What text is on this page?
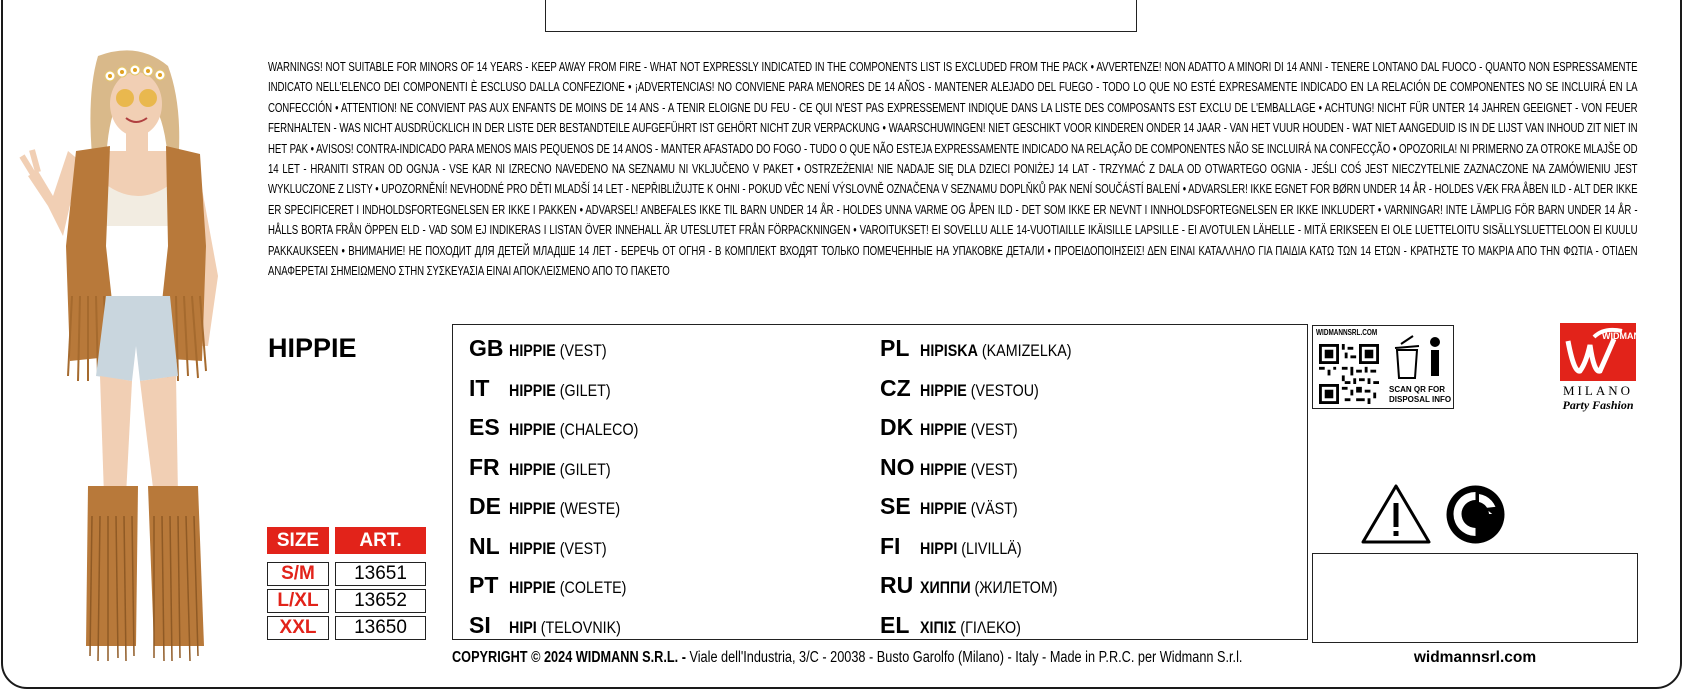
WARNINGS! NOT SUITABLE FOR MINORS OF 14 YEARS - KEEP AWAY FROM FIRE - WHAT NOT EXPRESSLY INDICATED IN THE COMPONENTS LIST IS EXCLUDED FROM THE PACK • AVVERTENZE! NON ADATTO A MINORI DI 14 ANNI - TENERE LONTANO DAL FUOCO - QUANTO NON ESPRESSAMENTE INDICATO NELL'ELENCO DEI COMPONENTI È ESCLUSO DALLA CONFEZIONE • ¡ADVERTENCIAS! NO CONVIENE PARA MENORES DE 14 AÑOS - MANTENER ALEJADO DEL FUEGO - TODO LO QUE NO ESTÉ EXPRESAMENTE INDICADO EN LA RELACIÓN DE COMPONENTES NO SE INCLUIRÁ EN LA CONFECCIÓN • ATTENTION! NE CONVIENT PAS AUX ENFANTS DE MOINS DE 14 ANS - A TENIR ELOIGNE DU FEU - CE QUI N'EST PAS EXPRESSEMENT INDIQUE DANS LA LISTE DES COMPOSANTS EST EXCLU DE L'EMBALLAGE • ACHTUNG! NICHT FÜR UNTER 14 JAHREN GEEIGNET - VON FEUER FERNHALTEN - WAS NICHT AUSDRÜCKLICH IN DER LISTE DER BESTANDTEILE AUFGEFÜHRT IST GEHÖRT NICHT ZUR VERPACKUNG • WAARSCHUWINGEN! NIET GESCHIKT VOOR KINDEREN ONDER 14 JAAR - VAN HET VUUR HOUDEN - WAT NIET AANGEDUID IS IN DE LIJST VAN INHOUD ZIT NIET IN HET PAK • AVISOS! CONTRA-INDICADO PARA MENOS MAIS PEQUENOS DE 14 ANOS - MANTER AFASTADO DO FOGO - TUDO O QUE NÃO ESTEJA EXPRESSAMENTE INDICADO NA RELAÇÃO DE COMPONENTES NÃO SE INCLUIRÁ NA CONFECÇÃO • OPOZORILA! NI PRIMERNO ZA OTROKE MLAJŠE OD 14 LET - HRANITI STRAN OD OGNJA - VSE KAR NI IZRECNO NAVEDENO NA SEZNAMU NI VKLJUČENO V PAKET • OSTRZEŻENIA! NIE NADAJE SIĘ DLA DZIECI PONIŻEJ 14 LAT - TRZYMAĆ Z DALA OD OTWARTEGO OGNIA - JEŚLI COŚ JEST NIECZYTELNIE ZAZNACZONE NA ZAMÓWIENIU JEST WYKLUCZONE Z LISTY • UPOZORNĚNÍ! NEVHODNÉ PRO DĚTI MLADŠÍ 14 LET - NEPŘIBLIŽUJTE K OHNI - POKUD VĚC NENÍ VÝSLOVNĚ OZNAČENA V SEZNAMU DOPLŇKŮ PAK NENÍ SOUČÁSTÍ BALENÍ • ADVARSLER! IKKE EGNET FOR BØRN UNDER 14 ÅR - HOLDES VÆK FRA ÅBEN ILD - ALT DER IKKE ER SPECIFICERET I INDHOLDSFORTEGNELSEN ER IKKE I PAKKEN • ADVARSEL! ANBEFALES IKKE TIL BARN UNDER 14 ÅR - HOLDES UNNA VARME OG ÅPEN ILD - DET SOM IKKE ER NEVNT I INNHOLDSFORTEGNELSEN ER IKKE INKLUDERT • VARNINGAR! INTE LÄMPLIG FÖR BARN UNDER 14 ÅR - HÅLLS BORTA FRÅN ÖPPEN ELD - VAD SOM EJ INDIKERAS I LISTAN ÖVER INNEHALL ÄR UTESLUTET FRÅN FÖRPACKNINGEN • VAROITUKSET! EI SOVELLU ALLE 14-VUOTIAILLE IKÄISILLE LAPSILLE - EI AVOTULEN LÄHELLE - MITÄ ERIKSEEN EI OLE LUETTELOITU SISÄLLYSLUETTELOON EI KUULU PAKKAUKSEEN • ВНИМАНИЕ! НЕ ПОХОДИТ ДЛЯ ДЕТЕЙ МЛАДШЕ 14 ЛЕТ - БЕРЕЧЬ ОТ ОГНЯ - В КОМПЛЕКТ ВХОДЯТ ТОЛЬКО ПОМЕЧЕННЫЕ НА УПАКОВКЕ ДЕТАЛИ • ΠΡΟΕΙΔΟΠΟΙΗΣΕΙΣ! ΔΕΝ ΕΙΝΑΙ ΚΑΤΑΛΛΗΛΟ ΓΙΑ ΠΑΙΔΙΑ ΚΑΤΩ ΤΩΝ 14 ΕΤΩΝ - ΚΡΑΤΗΣΤΕ ΤΟ ΜΑΚΡΙΑ ΑΠΟ ΤΗΝ ΦΩΤΙΑ - ΟΤΙΔΕΝ ΑΝΑΦΕΡΕΤΑΙ ΣΗΜΕΙΩΜΕΝΟ ΣΤΗΝ ΣΥΣΚΕΥΑΣΙΑ ΕΙΝΑΙ ΑΠΟΚΛΕΙΣΜΕΝΟ ΑΠΟ ΤΟ ΠΑΚΕΤΟ
HIPPIE
SIZE	ART.
S/M	13651
L/XL	13652
XXL	13650
GB HIPPIE (VEST)
IT	HIPPIE (GILET)
ES HIPPIE (CHALECO)
FR HIPPIE (GILET)
DE HIPPIE (WESTE)
NL HIPPIE (VEST)
PT HIPPIE (COLETE)
SI	HIPI (TELOVNIK)
PL HIPISKA (KAMIZELKA)
CZ HIPPIE (VESTOU)
DK HIPPIE (VEST)
NO HIPPIE (VEST)
SE HIPPIE (VÄST)
FI	HIPPI (LIVILLÄ)
RU ХИППИ (ЖИЛЕТОМ)
EL ΧΙΠΙΣ (ΓΙΛΕΚΟ)
WIDMANNSRL.COM
SCAN QR FOR
DISPOSAL INFO
WIDMANN
MILANO
Party Fashion
COPYRIGHT © 2024 WIDMANN S.R.L. - Viale dell'Industria, 3/C - 20038 - Busto Garolfo (Milano) - Italy - Made in P.R.C. per Widmann S.r.l.	widmannsrl.com
